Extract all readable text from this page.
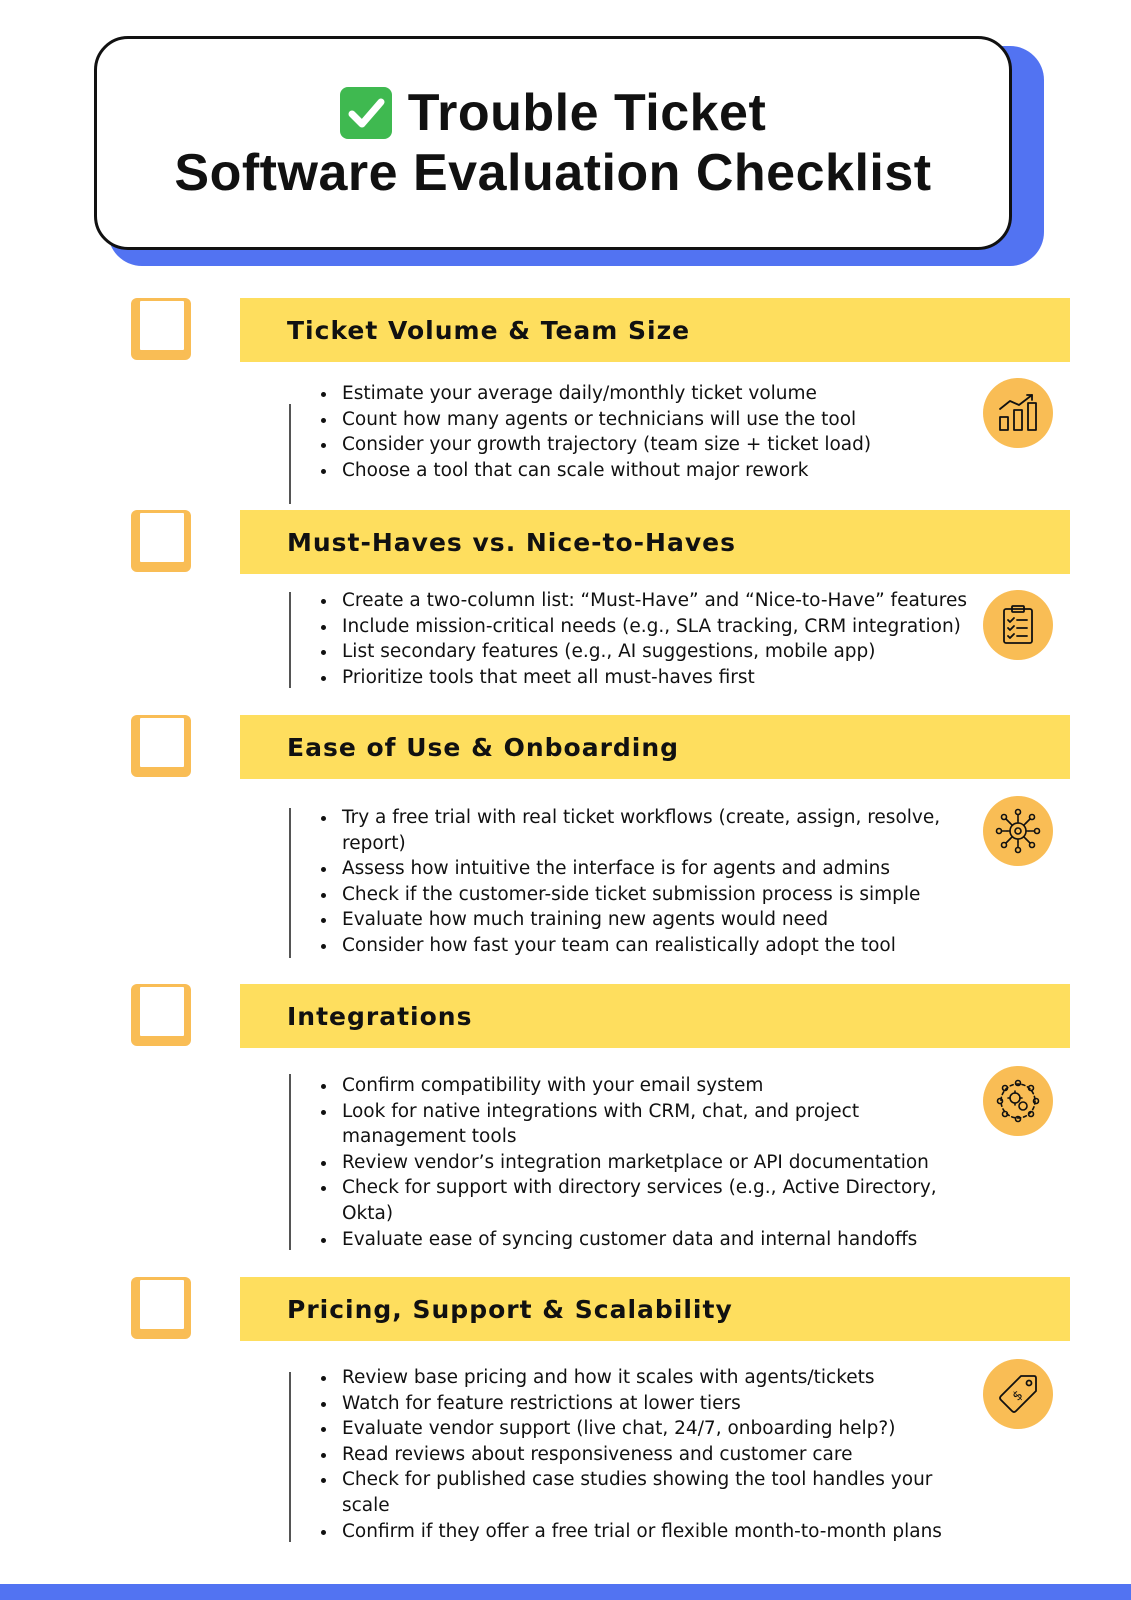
Trouble Ticket
Software Evaluation Checklist
Ticket Volume & Team Size
• Estimate your average daily/monthly ticket volume
• Count how many agents or technicians will use the tool
• Consider your growth trajectory (team size + ticket load)
• Choose a tool that can scale without major rework
Must-Haves vs. Nice-to-Haves
• Create a two-column list: “Must-Have” and “Nice-to-Have” features
• Include mission-critical needs (e.g., SLA tracking, CRM integration)
• List secondary features (e.g., AI suggestions, mobile app)
• Prioritize tools that meet all must-haves first
Ease of Use & Onboarding
• Try a free trial with real ticket workflows (create, assign, resolve, report)
• Assess how intuitive the interface is for agents and admins
• Check if the customer-side ticket submission process is simple
• Evaluate how much training new agents would need
• Consider how fast your team can realistically adopt the tool
Integrations
• Confirm compatibility with your email system
• Look for native integrations with CRM, chat, and project management tools
• Review vendor’s integration marketplace or API documentation
• Check for support with directory services (e.g., Active Directory, Okta)
• Evaluate ease of syncing customer data and internal handoffs
Pricing, Support & Scalability
• Review base pricing and how it scales with agents/tickets
• Watch for feature restrictions at lower tiers
• Evaluate vendor support (live chat, 24/7, onboarding help?)
• Read reviews about responsiveness and customer care
• Check for published case studies showing the tool handles your scale
• Confirm if they offer a free trial or flexible month-to-month plans
$
